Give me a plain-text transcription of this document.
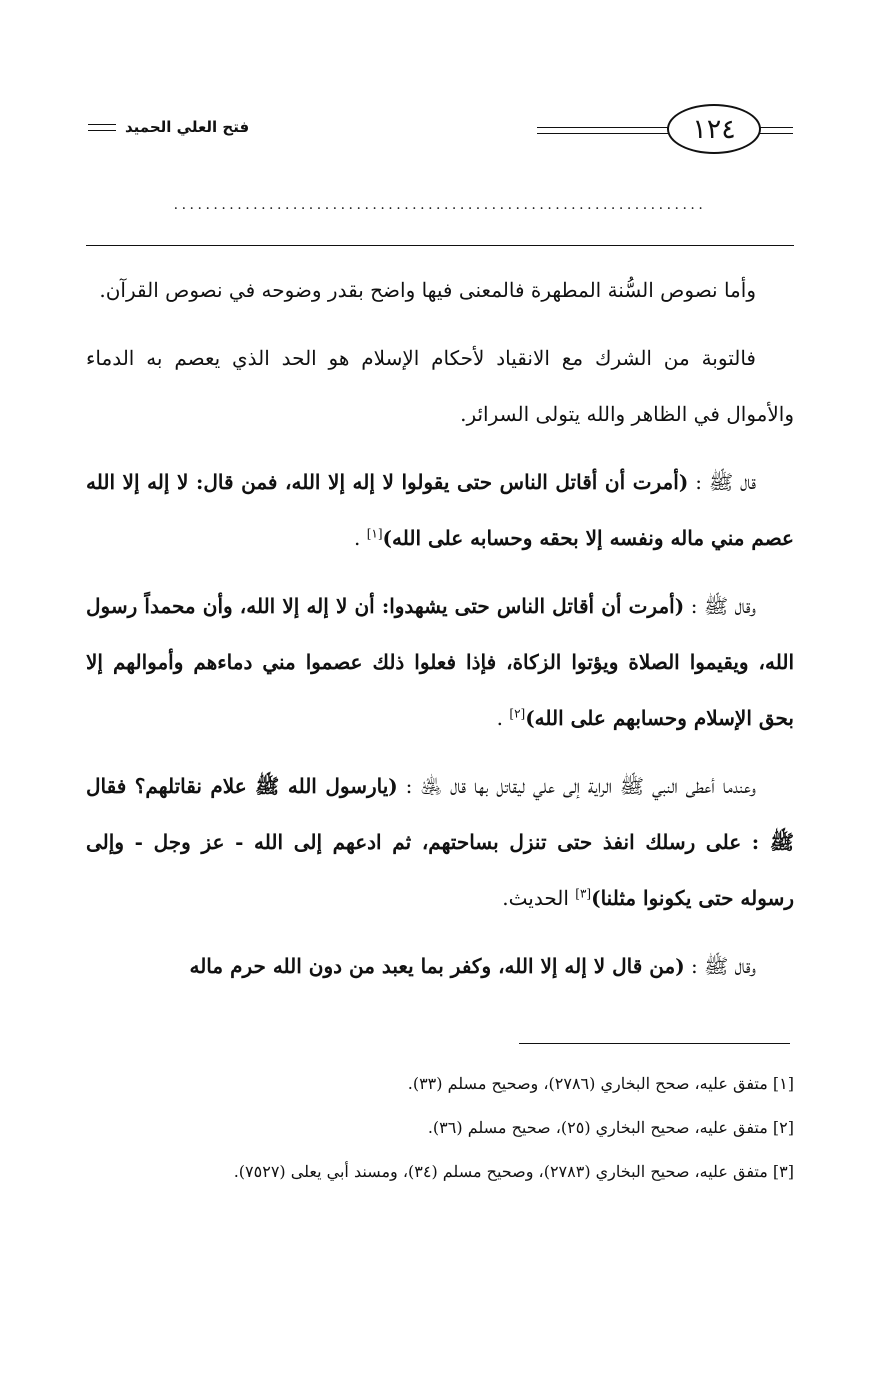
فتح العلي الحميد	١٢٤
...................................................................

وأما نصوص السُّنة المطهرة فالمعنى فيها واضح بقدر وضوحه في نصوص القرآن.

فالتوبة من الشرك مع الانقياد لأحكام الإسلام هو الحد الذي يعصم به الدماء والأموال في الظاهر والله يتولى السرائر.

قال ﷺ : (أمرت أن أقاتل الناس حتى يقولوا لا إله إلا الله، فمن قال: لا إله إلا الله عصم مني ماله ونفسه إلا بحقه وحسابه على الله)[١] .

وقال ﷺ : (أمرت أن أقاتل الناس حتى يشهدوا: أن لا إله إلا الله، وأن محمداً رسول الله، ويقيموا الصلاة ويؤتوا الزكاة، فإذا فعلوا ذلك عصموا مني دماءهم وأموالهم إلا بحق الإسلام وحسابهم على الله)[٢] .

وعندما أعطى النبي ﷺ الراية إلى علي ليقاتل بها قال ﵁ : (يارسول الله ﷺ علام نقاتلهم؟ فقال ﷺ : على رسلك انفذ حتى تنزل بساحتهم، ثم ادعهم إلى الله - عز وجل - وإلى رسوله حتى يكونوا مثلنا)[٣] الحديث.

وقال ﷺ : (من قال لا إله إلا الله، وكفر بما يعبد من دون الله حرم ماله

[١] متفق عليه، صحح البخاري (٢٧٨٦)، وصحيح مسلم (٣٣).

[٢] متفق عليه، صحيح البخاري (٢٥)، صحيح مسلم (٣٦).

[٣] متفق عليه، صحيح البخاري (٢٧٨٣)، وصحيح مسلم (٣٤)، ومسند أبي يعلى (٧٥٢٧).
